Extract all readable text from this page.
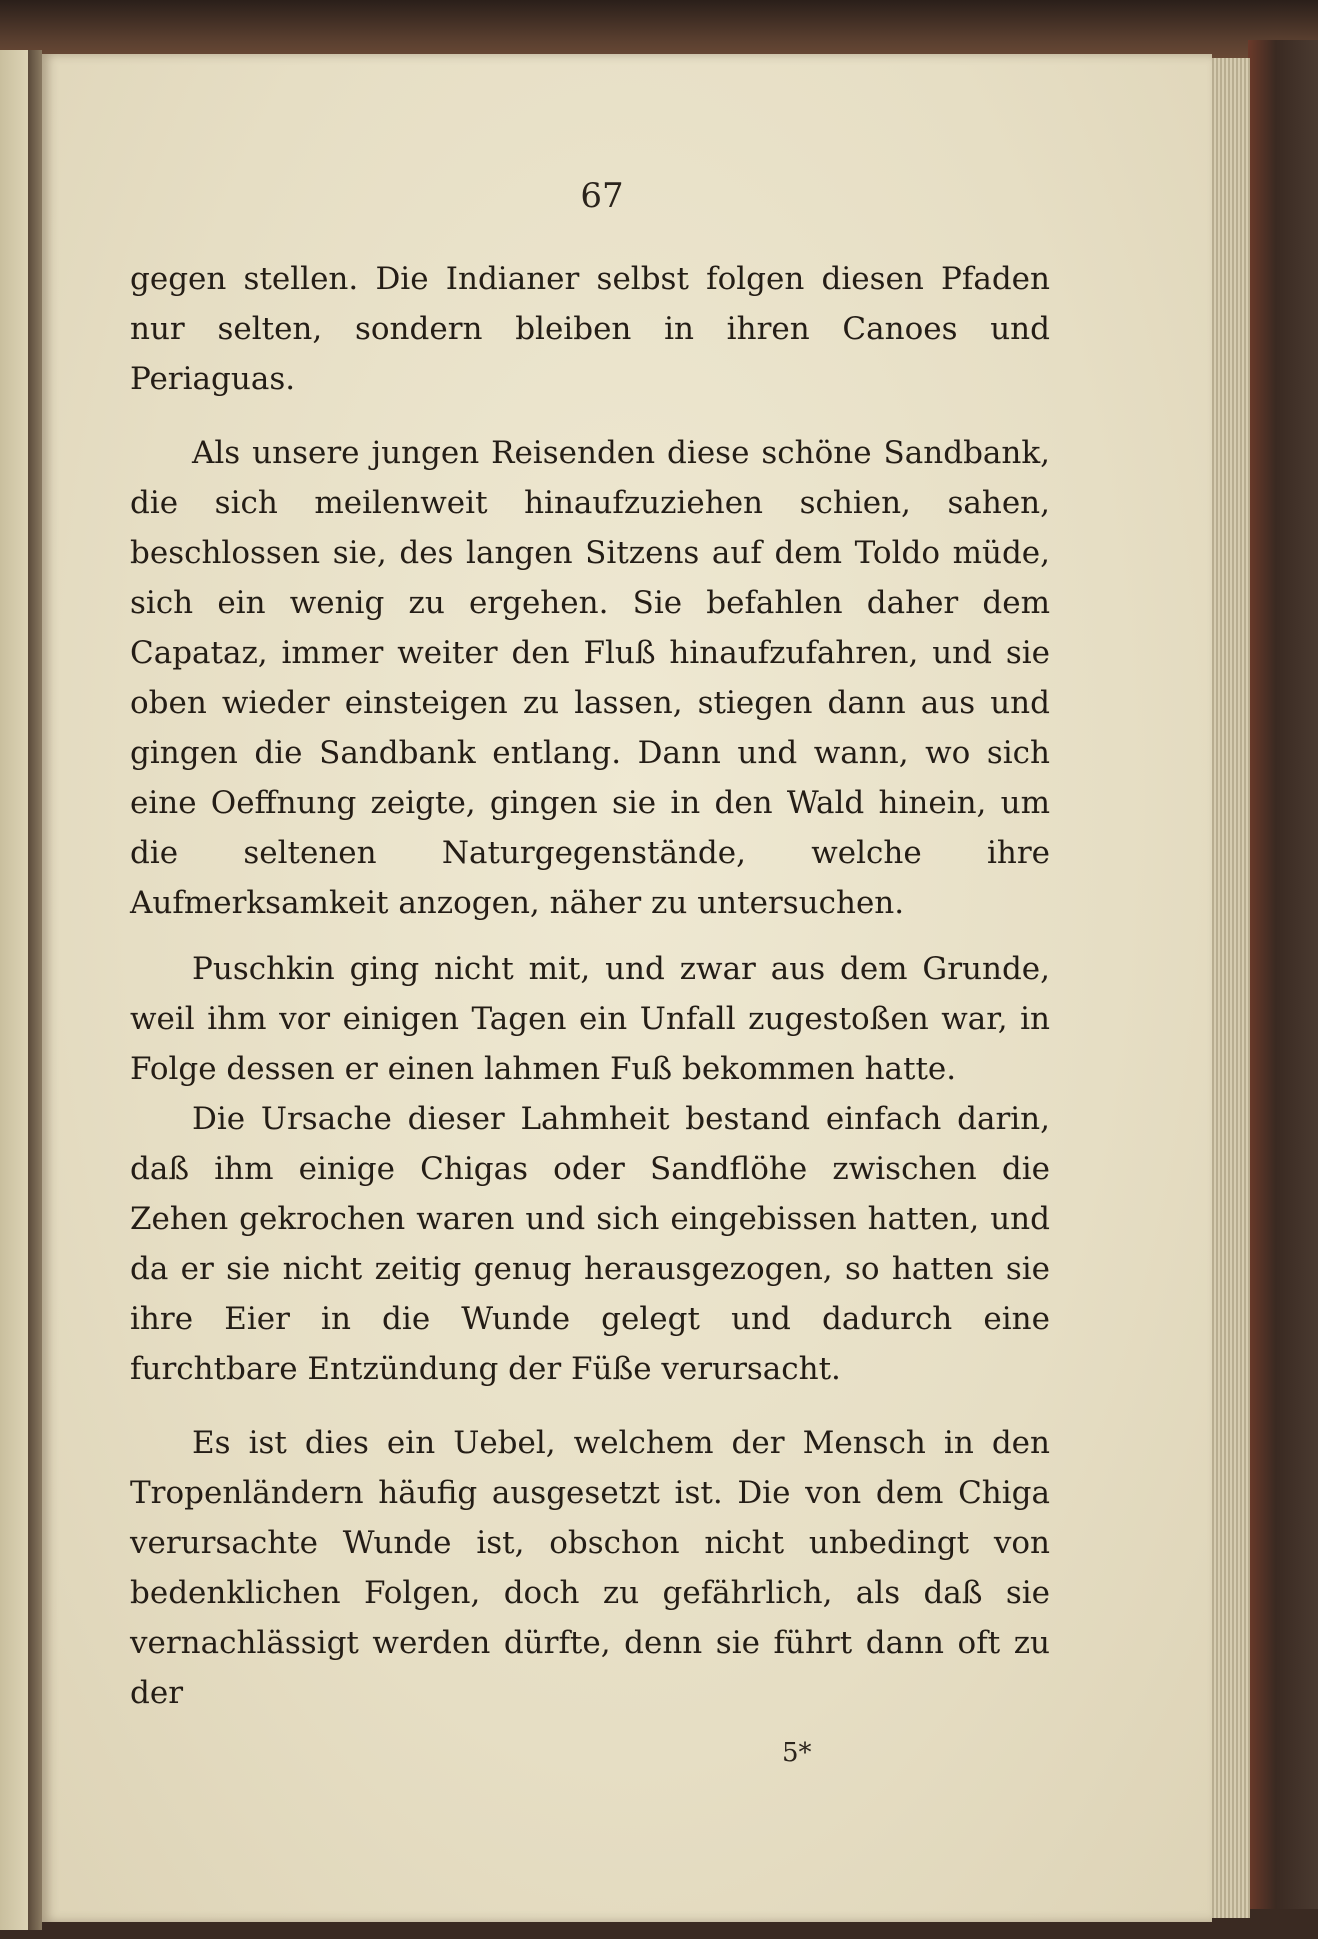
67

gegen stellen. Die Indianer selbst folgen diesen Pfaden nur selten, sondern bleiben in ihren Canoes und Periaguas.

Als unsere jungen Reisenden diese schöne Sandbank, die sich meilenweit hinaufzuziehen schien, sahen, beschlossen sie, des langen Sitzens auf dem Toldo müde, sich ein wenig zu ergehen. Sie befahlen daher dem Capataz, immer weiter den Fluß hinaufzufahren, und sie oben wieder einsteigen zu lassen, stiegen dann aus und gingen die Sandbank entlang. Dann und wann, wo sich eine Oeffnung zeigte, gingen sie in den Wald hinein, um die seltenen Naturgegenstände, welche ihre Aufmerksamkeit anzogen, näher zu untersuchen.

Puschkin ging nicht mit, und zwar aus dem Grunde, weil ihm vor einigen Tagen ein Unfall zugestoßen war, in Folge dessen er einen lahmen Fuß bekommen hatte.

Die Ursache dieser Lahmheit bestand einfach darin, daß ihm einige Chigas oder Sandflöhe zwischen die Zehen gekrochen waren und sich eingebissen hatten, und da er sie nicht zeitig genug herausgezogen, so hatten sie ihre Eier in die Wunde gelegt und dadurch eine furchtbare Entzündung der Füße verursacht.

Es ist dies ein Uebel, welchem der Mensch in den Tropenländern häufig ausgesetzt ist. Die von dem Chiga verursachte Wunde ist, obschon nicht unbedingt von bedenklichen Folgen, doch zu gefährlich, als daß sie vernachlässigt werden dürfte, denn sie führt dann oft zu der

5*
